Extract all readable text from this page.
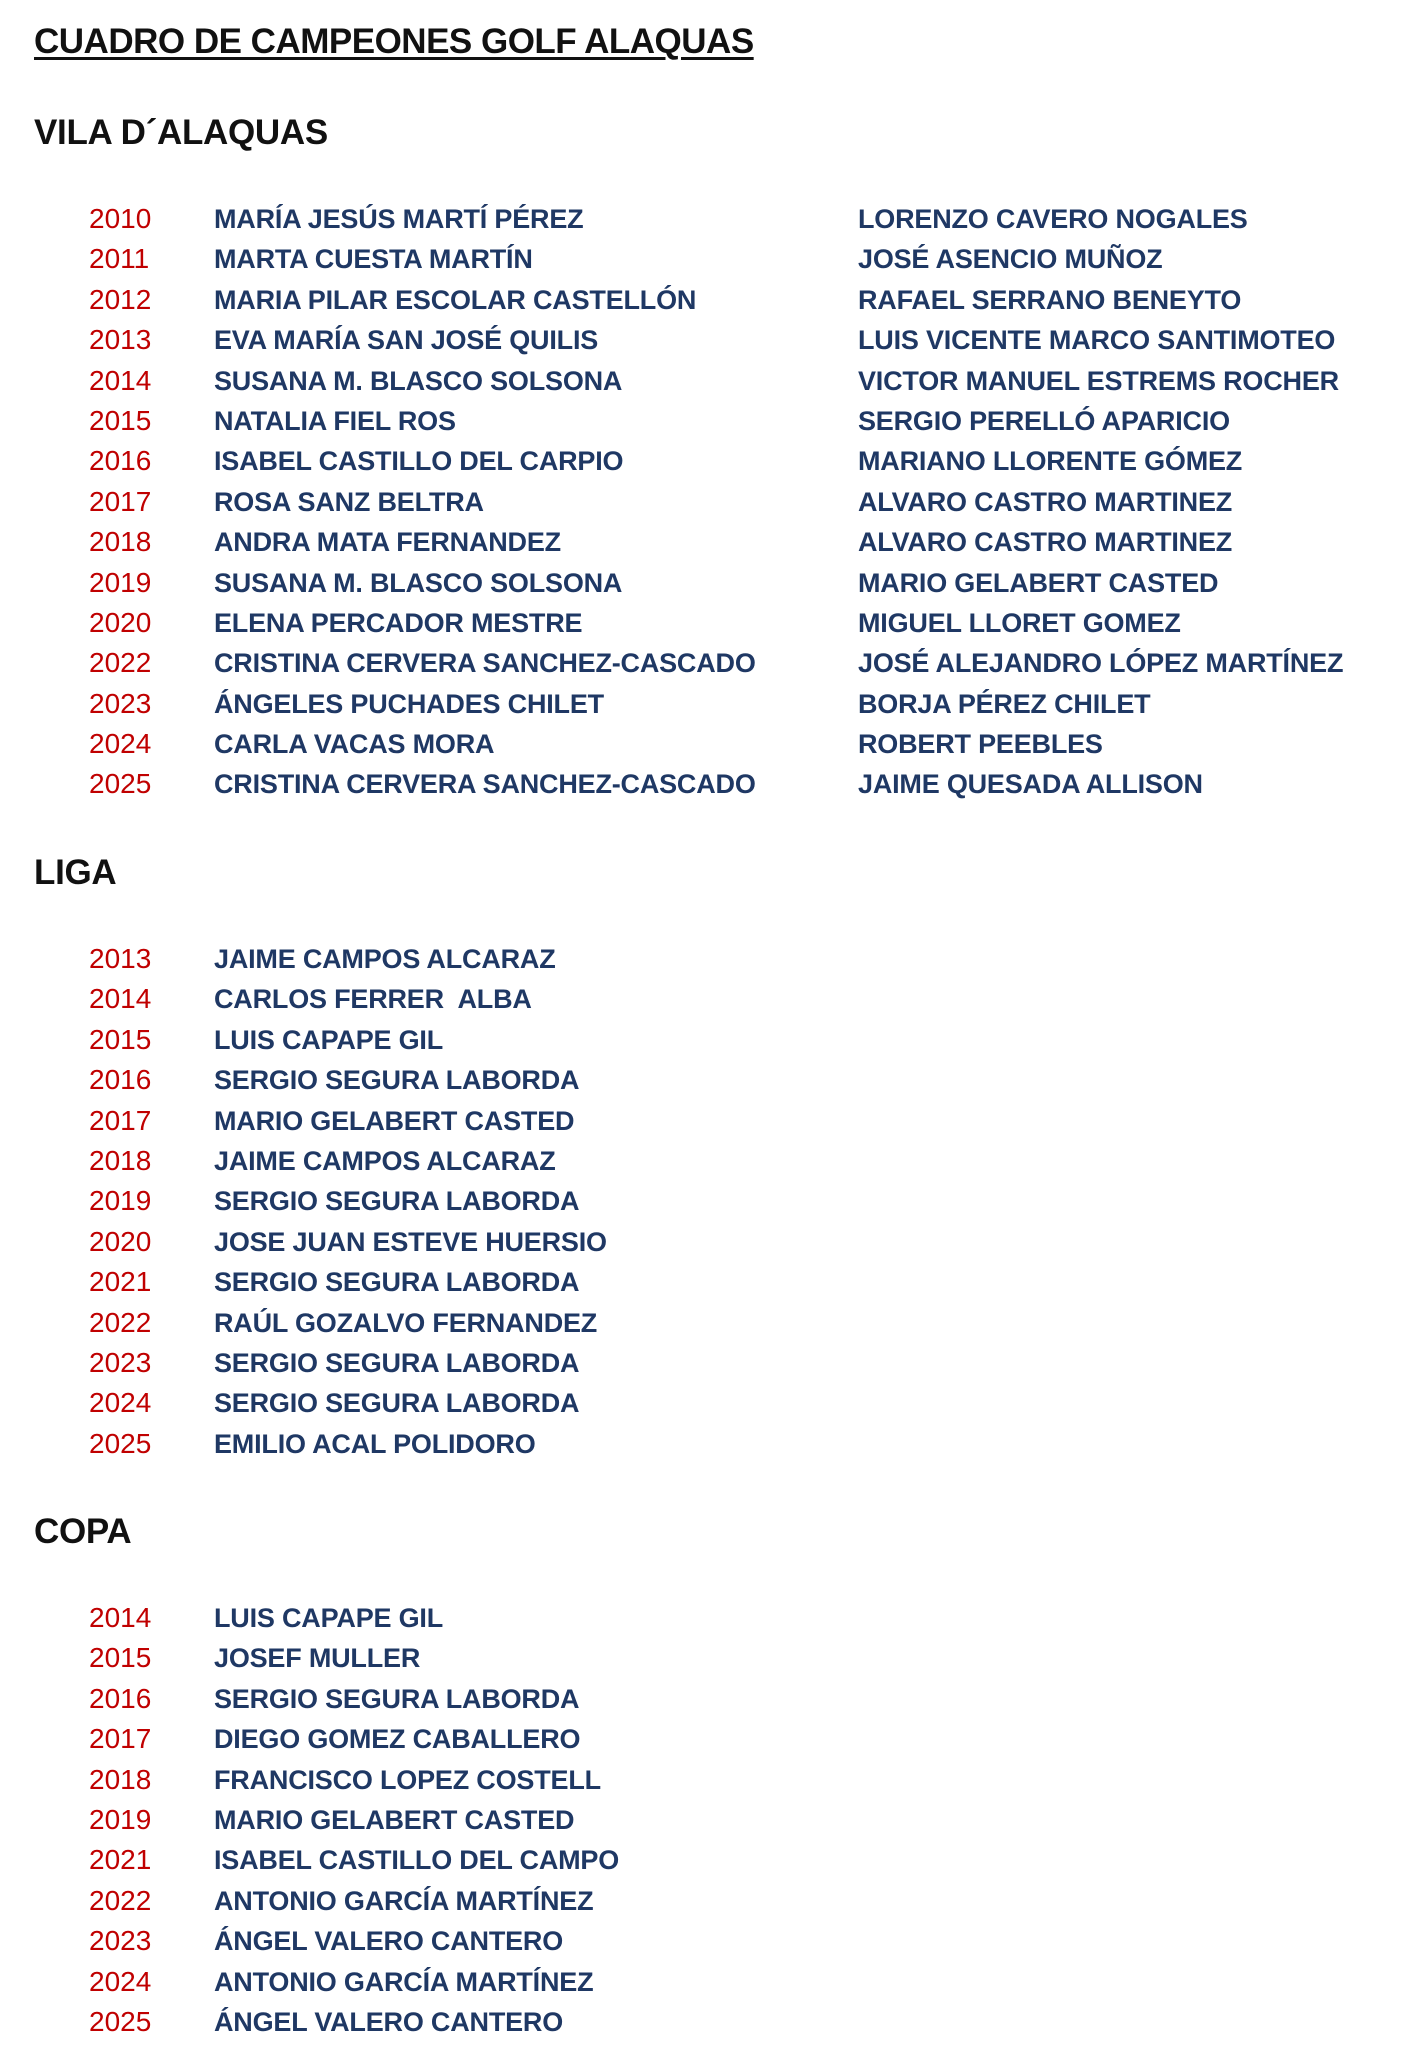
CUADRO DE CAMPEONES GOLF ALAQUAS
VILA D´ALAQUAS
2010 MARÍA JESÚS MARTÍ PÉREZ	LORENZO CAVERO NOGALES
2011 MARTA CUESTA MARTÍN	JOSÉ ASENCIO MUÑOZ
2012 MARIA PILAR ESCOLAR CASTELLÓN	RAFAEL SERRANO BENEYTO
2013 EVA MARÍA SAN JOSÉ QUILIS	LUIS VICENTE MARCO SANTIMOTEO
2014 SUSANA M. BLASCO SOLSONA	VICTOR MANUEL ESTREMS ROCHER
2015 NATALIA FIEL ROS	SERGIO PERELLÓ APARICIO
2016 ISABEL CASTILLO DEL CARPIO	MARIANO LLORENTE GÓMEZ
2017 ROSA SANZ BELTRA	ALVARO CASTRO MARTINEZ
2018 ANDRA MATA FERNANDEZ	ALVARO CASTRO MARTINEZ
2019 SUSANA M. BLASCO SOLSONA	MARIO GELABERT CASTED
2020 ELENA PERCADOR MESTRE	MIGUEL LLORET GOMEZ
2022 CRISTINA CERVERA SANCHEZ-CASCADO	JOSÉ ALEJANDRO LÓPEZ MARTÍNEZ
2023 ÁNGELES PUCHADES CHILET	BORJA PÉREZ CHILET
2024 CARLA VACAS MORA	ROBERT PEEBLES
2025 CRISTINA CERVERA SANCHEZ-CASCADO	JAIME QUESADA ALLISON
LIGA
2013 JAIME CAMPOS ALCARAZ
2014 CARLOS FERRER  ALBA
2015 LUIS CAPAPE GIL
2016 SERGIO SEGURA LABORDA
2017 MARIO GELABERT CASTED
2018 JAIME CAMPOS ALCARAZ
2019 SERGIO SEGURA LABORDA
2020 JOSE JUAN ESTEVE HUERSIO
2021 SERGIO SEGURA LABORDA
2022 RAÚL GOZALVO FERNANDEZ
2023 SERGIO SEGURA LABORDA
2024 SERGIO SEGURA LABORDA
2025 EMILIO ACAL POLIDORO
COPA
2014 LUIS CAPAPE GIL
2015 JOSEF MULLER
2016 SERGIO SEGURA LABORDA
2017 DIEGO GOMEZ CABALLERO
2018 FRANCISCO LOPEZ COSTELL
2019 MARIO GELABERT CASTED
2021 ISABEL CASTILLO DEL CAMPO
2022 ANTONIO GARCÍA MARTÍNEZ
2023 ÁNGEL VALERO CANTERO
2024 ANTONIO GARCÍA MARTÍNEZ
2025 ÁNGEL VALERO CANTERO
